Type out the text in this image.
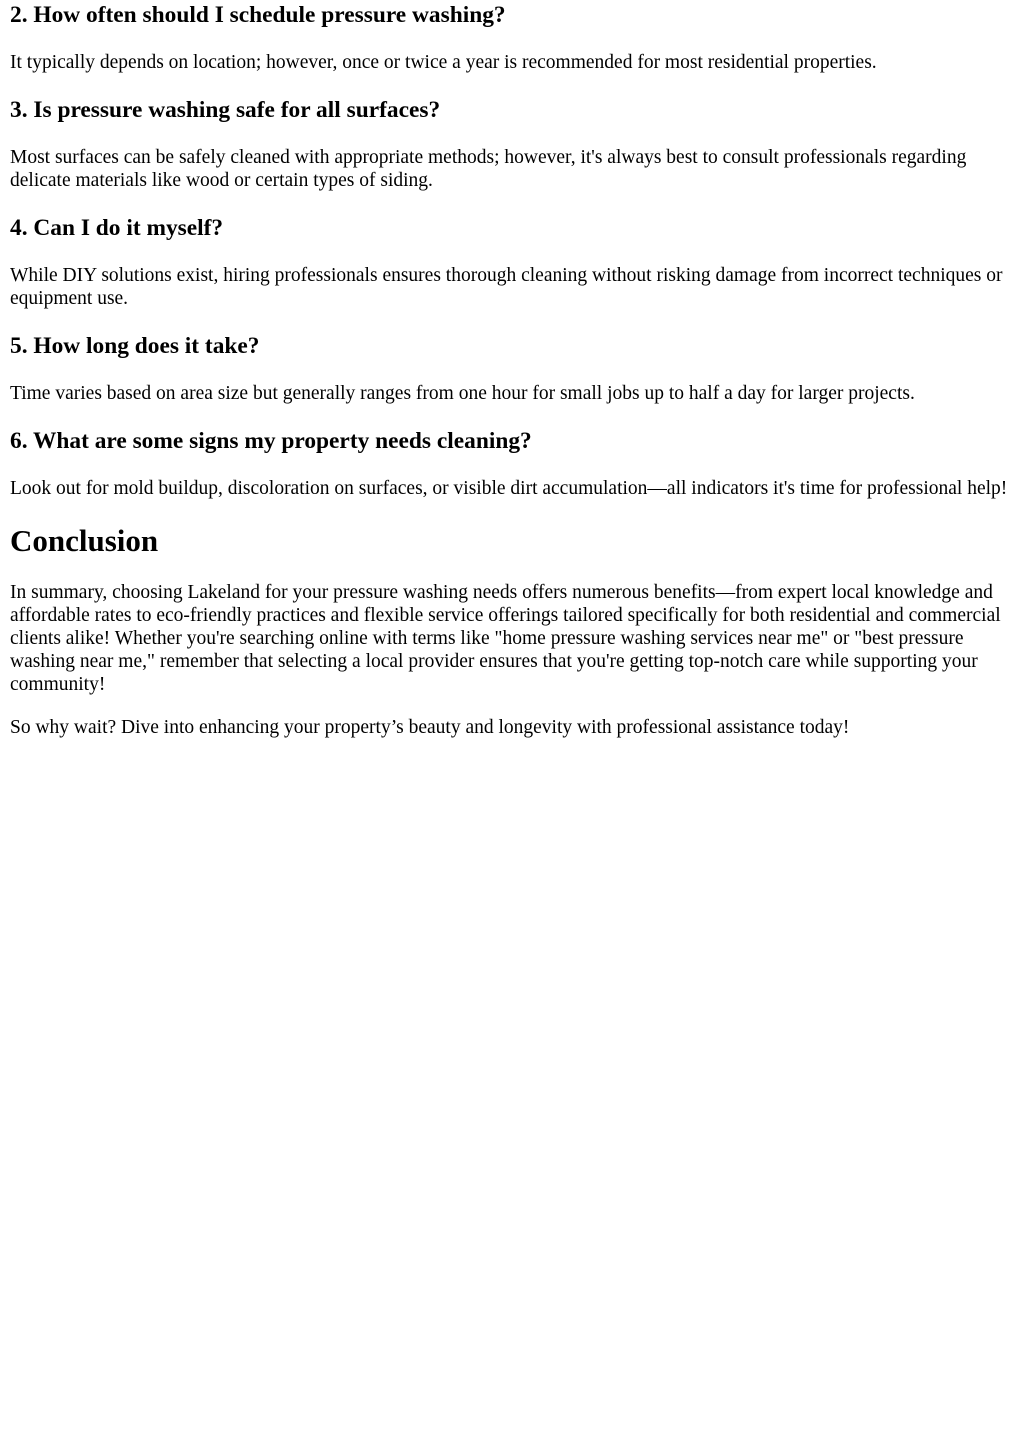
2. How often should I schedule pressure washing?

It typically depends on location; however, once or twice a year is recommended for most residential properties.

3. Is pressure washing safe for all surfaces?

Most surfaces can be safely cleaned with appropriate methods; however, it's always best to consult professionals regarding delicate materials like wood or certain types of siding.

4. Can I do it myself?

While DIY solutions exist, hiring professionals ensures thorough cleaning without risking damage from incorrect techniques or equipment use.

5. How long does it take?

Time varies based on area size but generally ranges from one hour for small jobs up to half a day for larger projects.

6. What are some signs my property needs cleaning?

Look out for mold buildup, discoloration on surfaces, or visible dirt accumulation—all indicators it's time for professional help!

Conclusion

In summary, choosing Lakeland for your pressure washing needs offers numerous benefits—from expert local knowledge and affordable rates to eco-friendly practices and flexible service offerings tailored specifically for both residential and commercial clients alike! Whether you're searching online with terms like "home pressure washing services near me" or "best pressure washing near me," remember that selecting a local provider ensures that you're getting top-notch care while supporting your community!

So why wait? Dive into enhancing your property’s beauty and longevity with professional assistance today!
